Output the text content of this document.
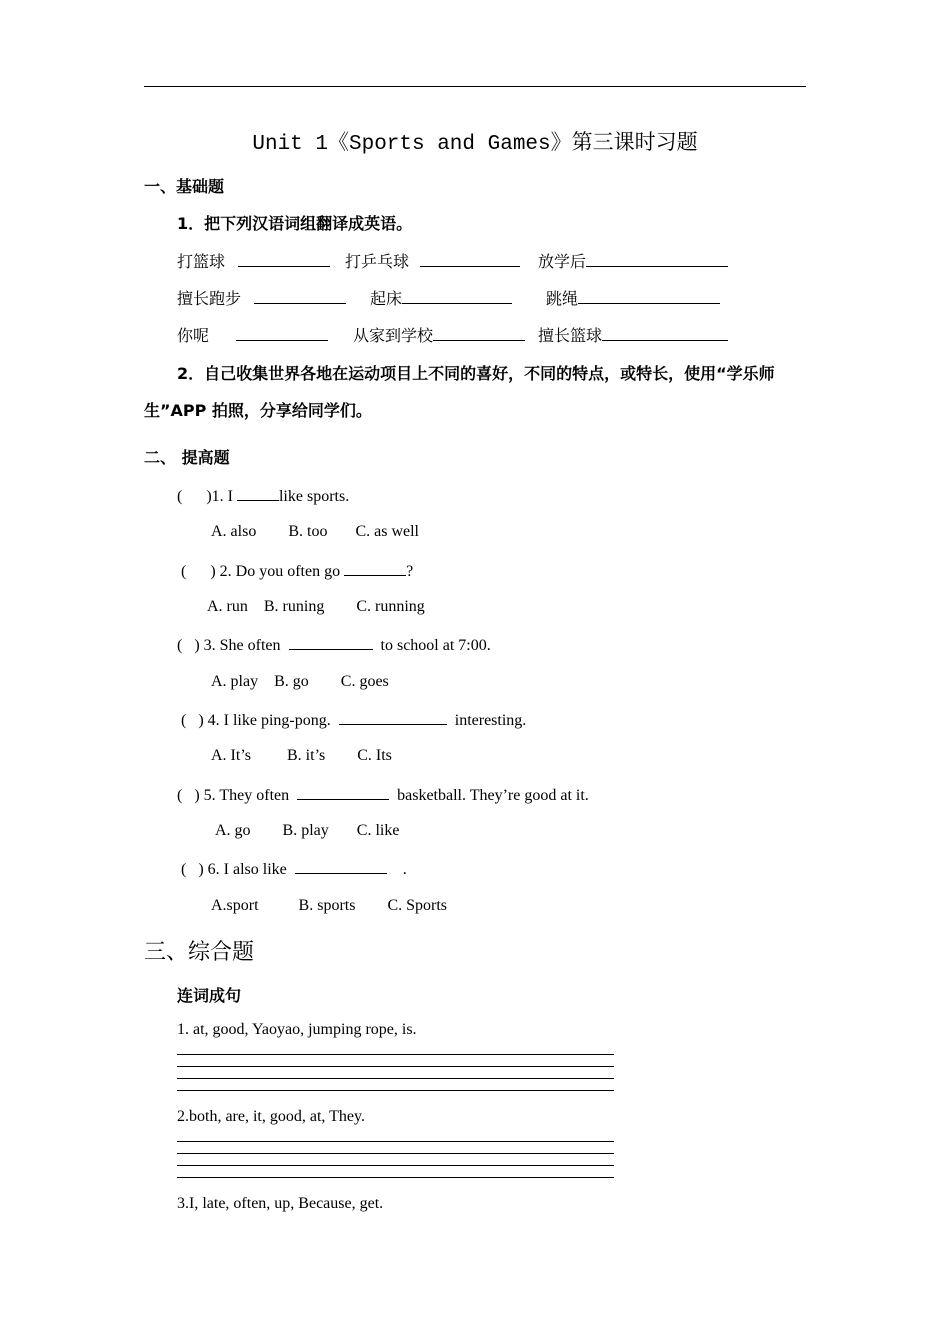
Unit 1《Sports and Games》第三课时习题
一、基础题
1．把下列汉语词组翻译成英语。
打篮球	打乒乓球	放学后
擅长跑步	起床	跳绳
你呢	从家到学校	擅长篮球
2．自己收集世界各地在运动项目上不同的喜好，不同的特点，或特长，使用“学乐师
生”APP 拍照，分享给同学们。
二、 提高题
(      )1. I	like sports.
A. also        B. too       C. as well
(      ) 2. Do you often go	?
A. run    B. runing        C. running
(   ) 3. She often	to school at 7:00.
A. play    B. go        C. goes
(   ) 4. I like ping-pong.	interesting.
A. It’s         B. it’s        C. Its
(   ) 5. They often	basketball. They’re good at it.
A. go        B. play       C. like
(   ) 6. I also like	.
A.sport          B. sports        C. Sports
三、综合题
连词成句
1. at, good, Yaoyao, jumping rope, is.
2.both, are, it, good, at, They.
3.I, late, often, up, Because, get.
